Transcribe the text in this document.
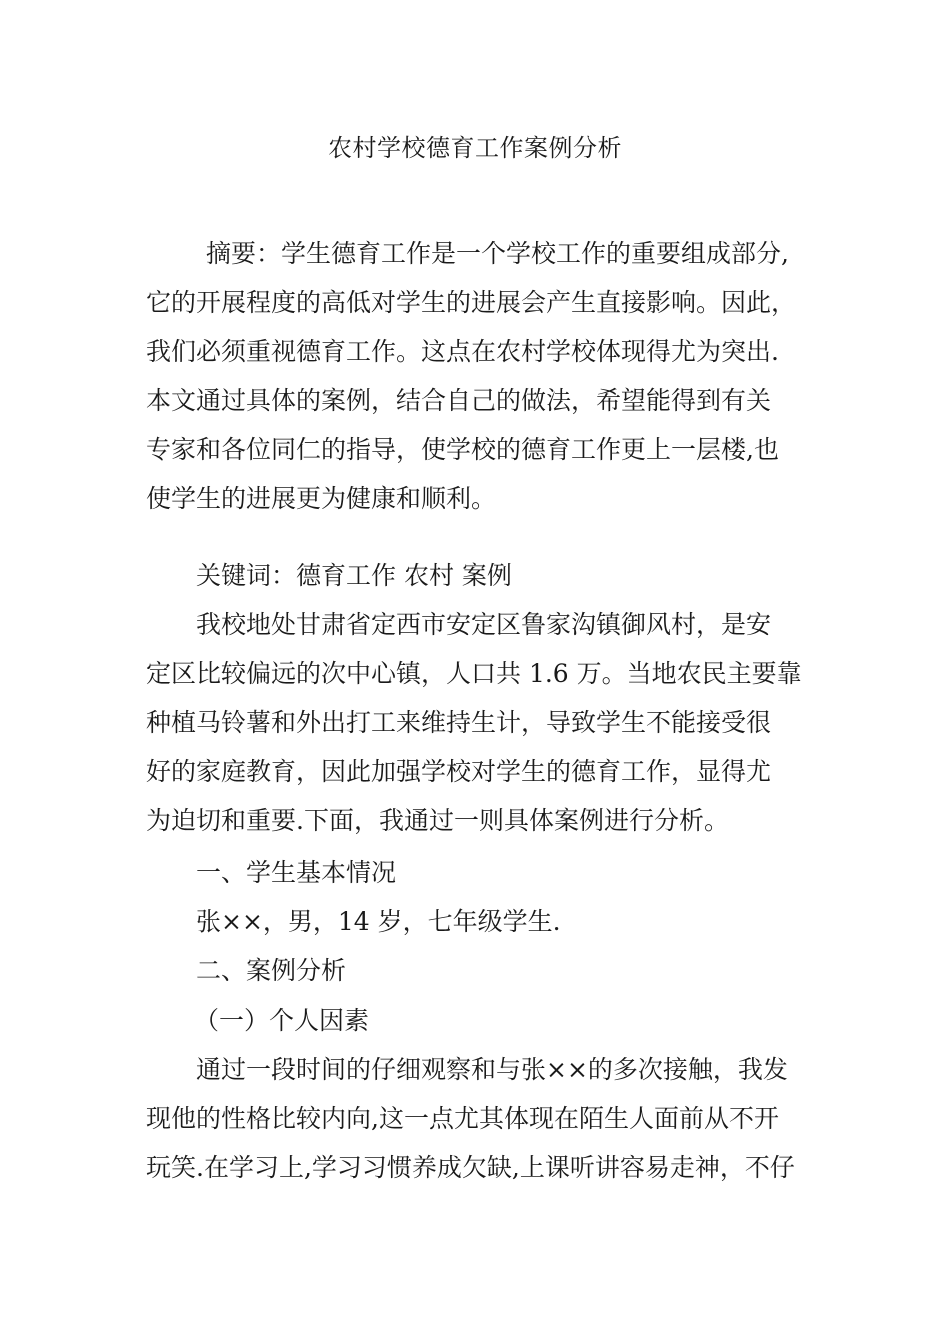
农村学校德育工作案例分析
摘要：学生德育工作是一个学校工作的重要组成部分,
它的开展程度的高低对学生的进展会产生直接影响。因此，
我们必须重视德育工作。这点在农村学校体现得尤为突出.
本文通过具体的案例，结合自己的做法，希望能得到有关
专家和各位同仁的指导，使学校的德育工作更上一层楼,也
使学生的进展更为健康和顺利。
关键词：德育工作 农村 案例
我校地处甘肃省定西市安定区鲁家沟镇御风村，是安
定区比较偏远的次中心镇，人口共 1.6 万。当地农民主要靠
种植马铃薯和外出打工来维持生计，导致学生不能接受很
好的家庭教育，因此加强学校对学生的德育工作，显得尤
为迫切和重要.下面，我通过一则具体案例进行分析。
一、学生基本情况
张××，男，14 岁，七年级学生.
二、案例分析
（一）个人因素
通过一段时间的仔细观察和与张××的多次接触，我发
现他的性格比较内向,这一点尤其体现在陌生人面前从不开
玩笑.在学习上,学习习惯养成欠缺,上课听讲容易走神，不仔
